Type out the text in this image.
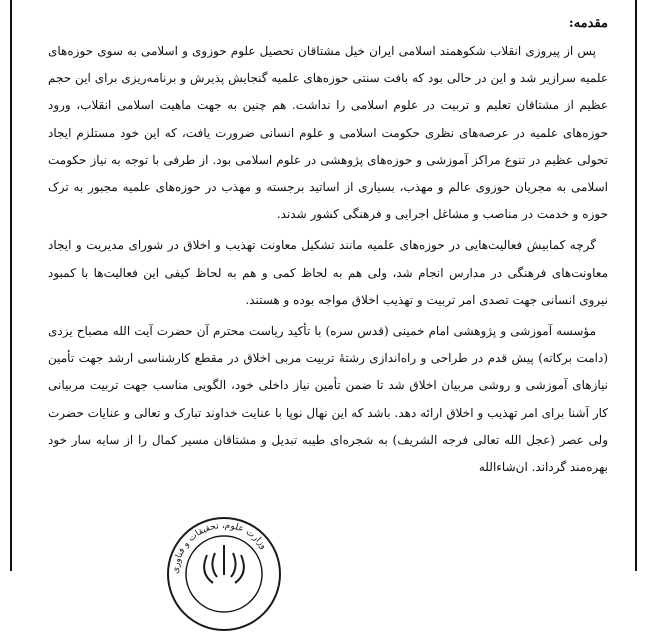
مقدمه:

پس از پیروزی انقلاب شکوهمند اسلامی ایران خیل مشتاقان تحصیل علوم حوزوی و اسلامی به سوی حوزه‌های علمیه سرازیر شد و این در حالی بود که بافت سنتی حوزه‌های علمیه گنجایش پذیرش و برنامه‌ریزی برای این حجم عظیم از مشتاقان تعلیم و تربیت در علوم اسلامی را نداشت. هم چنین به جهت ماهیت اسلامی انقلاب، ورود حوزه‌های علمیه در عرصه‌های نظری حکومت اسلامی و علوم انسانی ضرورت یافت، که این خود مستلزم ایجاد تحولی عظیم در تنوع مراکز آموزشی و حوزه‌های پژوهشی در علوم اسلامی بود. از طرفی با توجه به نیاز حکومت اسلامی به مجریان حوزوی عالم و مهذب، بسیاری از اساتید برجسته و مهذب در حوزه‌های علمیه مجبور به ترک حوزه و خدمت در مناصب و مشاغل اجرایی و فرهنگی کشور شدند.

گرچه کمابیش فعالیت‌هایی در حوزه‌های علمیه مانند تشکیل معاونت تهذیب و اخلاق در شورای مدیریت و ایجاد معاونت‌های فرهنگی در مدارس انجام شد، ولی هم به لحاظ کمی و هم به لحاظ کیفی این فعالیت‌ها با کمبود نیروی انسانی جهت تصدی امر تربیت و تهذیب اخلاق مواجه بوده و هستند.

مؤسسه آموزشی و پژوهشی امام خمینی (قدس سره) با تأکید ریاست محترم آن حضرت آیت الله مصباح یزدی (دامت برکاته) پیش قدم در طراحی و راه‌اندازی رشتهٔ تربیت مربی اخلاق در مقطع کارشناسی ارشد جهت تأمین نیازهای آموزشی و روشی مربیان اخلاق شد تا ضمن تأمین نیاز داخلی خود، الگویی مناسب جهت تربیت مربیانی کار آشنا برای امر تهذیب و اخلاق ارائه دهد. باشد که این نهال نوپا با عنایت خداوند تبارک و تعالی و عنایات حضرت ولی عصر (عجل الله تعالی فرجه الشریف) به شجره‌ای طیبه تبدیل و مشتاقان مسیر کمال را از سایه سار خود بهره‌مند گرداند. ان‌شاءالله

وزارت علوم، تحقیقات و فناوری
